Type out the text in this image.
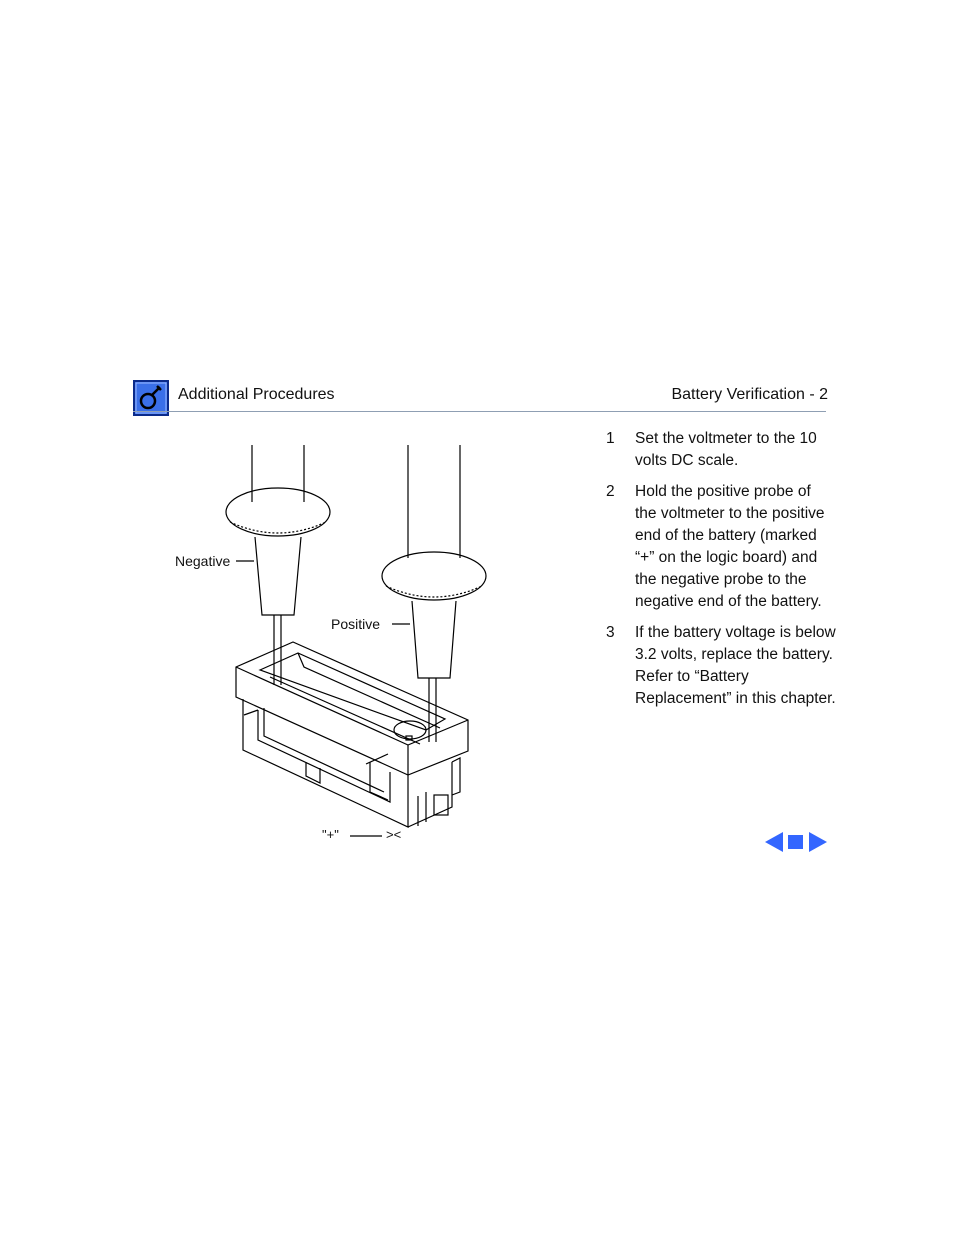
Additional Procedures	Battery Verification - 2
Negative
Positive
"+"	><
1	Set the voltmeter to the 10 volts DC scale.
2	Hold the positive probe of the voltmeter to the positive end of the battery (marked “+” on the logic board) and the negative probe to the negative end of the battery.
3	If the battery voltage is below 3.2 volts, replace the battery. Refer to “Battery Replacement” in this chapter.
